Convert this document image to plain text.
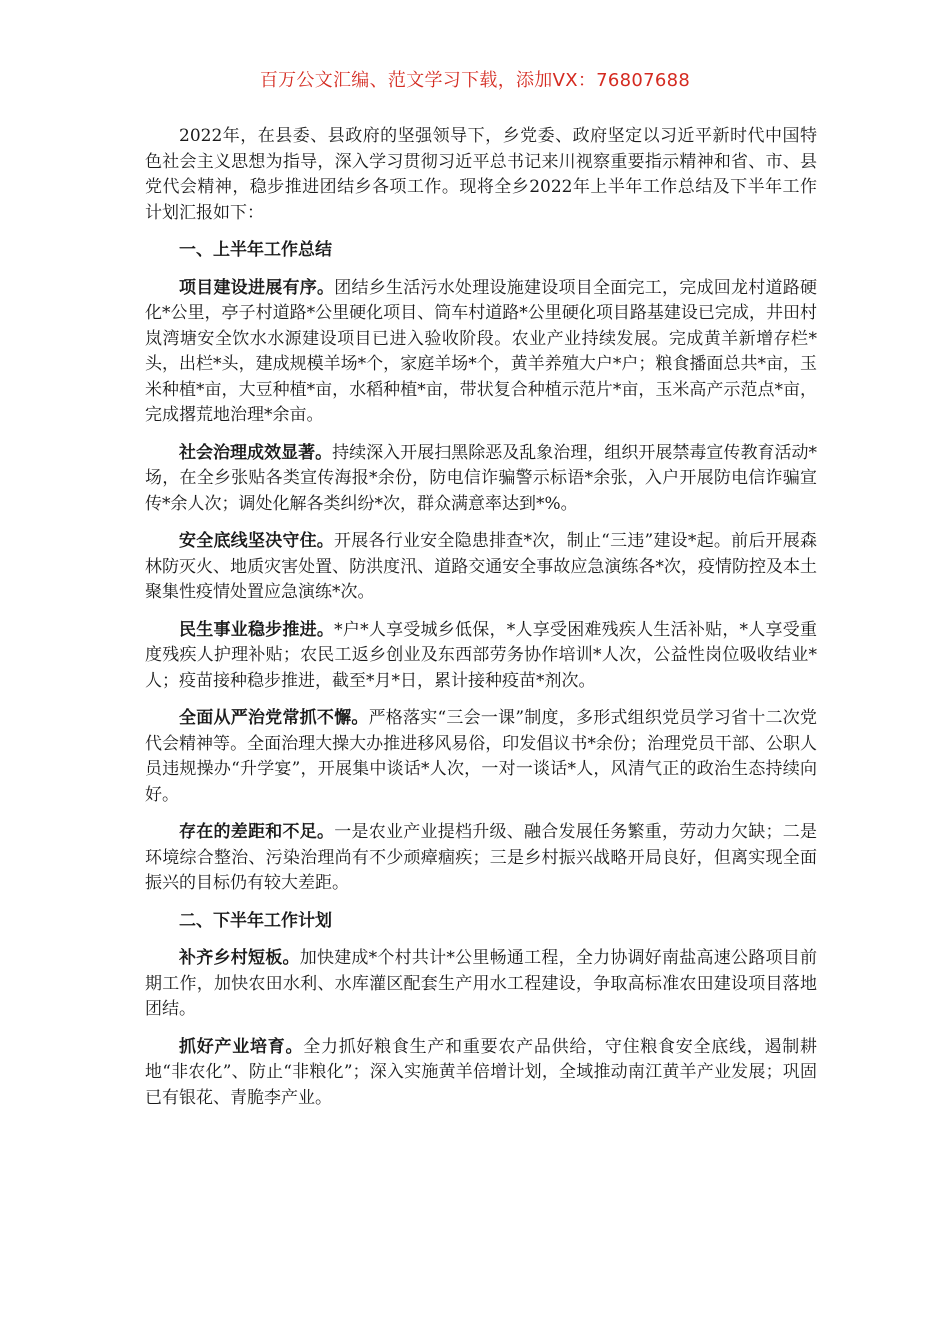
百万公文汇编、范文学习下载，添加VX：76807688

2022年，在县委、县政府的坚强领导下，乡党委、政府坚定以习近平新时代中国特色社会主义思想为指导，深入学习贯彻习近平总书记来川视察重要指示精神和省、市、县党代会精神，稳步推进团结乡各项工作。现将全乡2022年上半年工作总结及下半年工作计划汇报如下：

一、上半年工作总结

项目建设进展有序。团结乡生活污水处理设施建设项目全面完工，完成回龙村道路硬化*公里，亭子村道路*公里硬化项目、筒车村道路*公里硬化项目路基建设已完成，井田村岚湾塘安全饮水水源建设项目已进入验收阶段。农业产业持续发展。完成黄羊新增存栏*头，出栏*头，建成规模羊场*个，家庭羊场*个，黄羊养殖大户*户；粮食播面总共*亩，玉米种植*亩，大豆种植*亩，水稻种植*亩，带状复合种植示范片*亩，玉米高产示范点*亩，完成撂荒地治理*余亩。

社会治理成效显著。持续深入开展扫黑除恶及乱象治理，组织开展禁毒宣传教育活动*场，在全乡张贴各类宣传海报*余份，防电信诈骗警示标语*余张，入户开展防电信诈骗宣传*余人次；调处化解各类纠纷*次，群众满意率达到*%。

安全底线坚决守住。开展各行业安全隐患排查*次，制止“三违”建设*起。前后开展森林防灭火、地质灾害处置、防洪度汛、道路交通安全事故应急演练各*次，疫情防控及本土聚集性疫情处置应急演练*次。

民生事业稳步推进。*户*人享受城乡低保，*人享受困难残疾人生活补贴，*人享受重度残疾人护理补贴；农民工返乡创业及东西部劳务协作培训*人次，公益性岗位吸收结业*人；疫苗接种稳步推进，截至*月*日，累计接种疫苗*剂次。

全面从严治党常抓不懈。严格落实“三会一课”制度，多形式组织党员学习省十二次党代会精神等。全面治理大操大办推进移风易俗，印发倡议书*余份；治理党员干部、公职人员违规操办“升学宴”，开展集中谈话*人次，一对一谈话*人，风清气正的政治生态持续向好。

存在的差距和不足。一是农业产业提档升级、融合发展任务繁重，劳动力欠缺；二是环境综合整治、污染治理尚有不少顽瘴痼疾；三是乡村振兴战略开局良好，但离实现全面振兴的目标仍有较大差距。

二、下半年工作计划

补齐乡村短板。加快建成*个村共计*公里畅通工程，全力协调好南盐高速公路项目前期工作，加快农田水利、水库灌区配套生产用水工程建设，争取高标准农田建设项目落地团结。

抓好产业培育。全力抓好粮食生产和重要农产品供给，守住粮食安全底线，遏制耕地“非农化”、防止“非粮化”；深入实施黄羊倍增计划，全域推动南江黄羊产业发展；巩固已有银花、青脆李产业。
